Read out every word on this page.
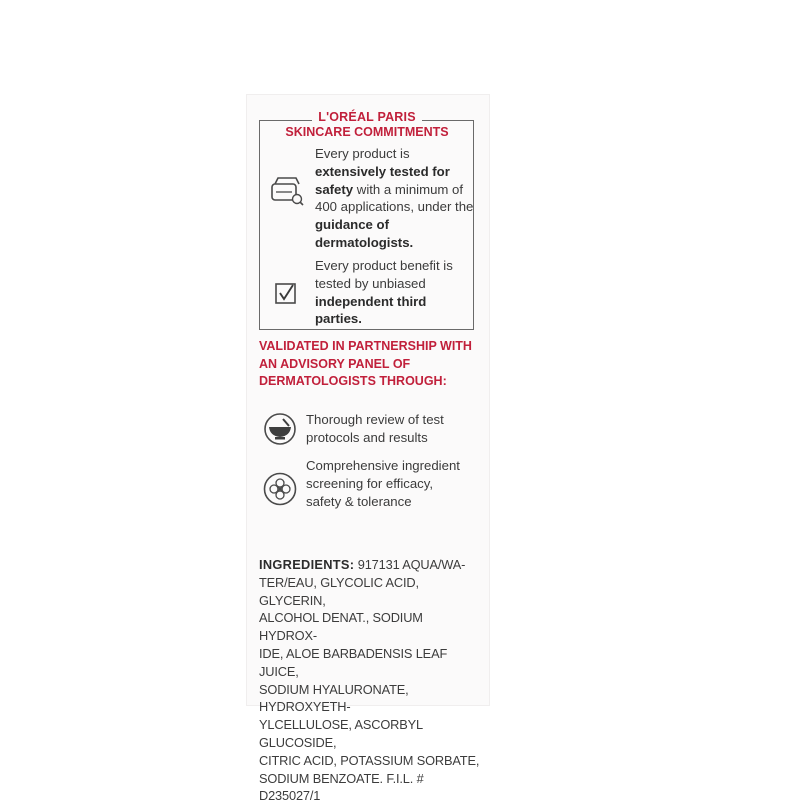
L'ORÉAL PARIS
SKINCARE COMMITMENTS
Every product is extensively tested for safety with a minimum of 400 applications, under the guidance of dermatologists.
Every product benefit is tested by unbiased independent third parties.
VALIDATED IN PARTNERSHIP WITH AN ADVISORY PANEL OF DERMATOLOGISTS THROUGH:
Thorough review of test protocols and results
Comprehensive ingredient screening for efficacy, safety & tolerance
INGREDIENTS: 917131 AQUA/WA-
TER/EAU, GLYCOLIC ACID, GLYCERIN,
ALCOHOL DENAT., SODIUM HYDROX-
IDE, ALOE BARBADENSIS LEAF JUICE,
SODIUM HYALURONATE, HYDROXYETH-
YLCELLULOSE, ASCORBYL GLUCOSIDE,
CITRIC ACID, POTASSIUM SORBATE,
SODIUM BENZOATE. F.I.L. # D235027/1
